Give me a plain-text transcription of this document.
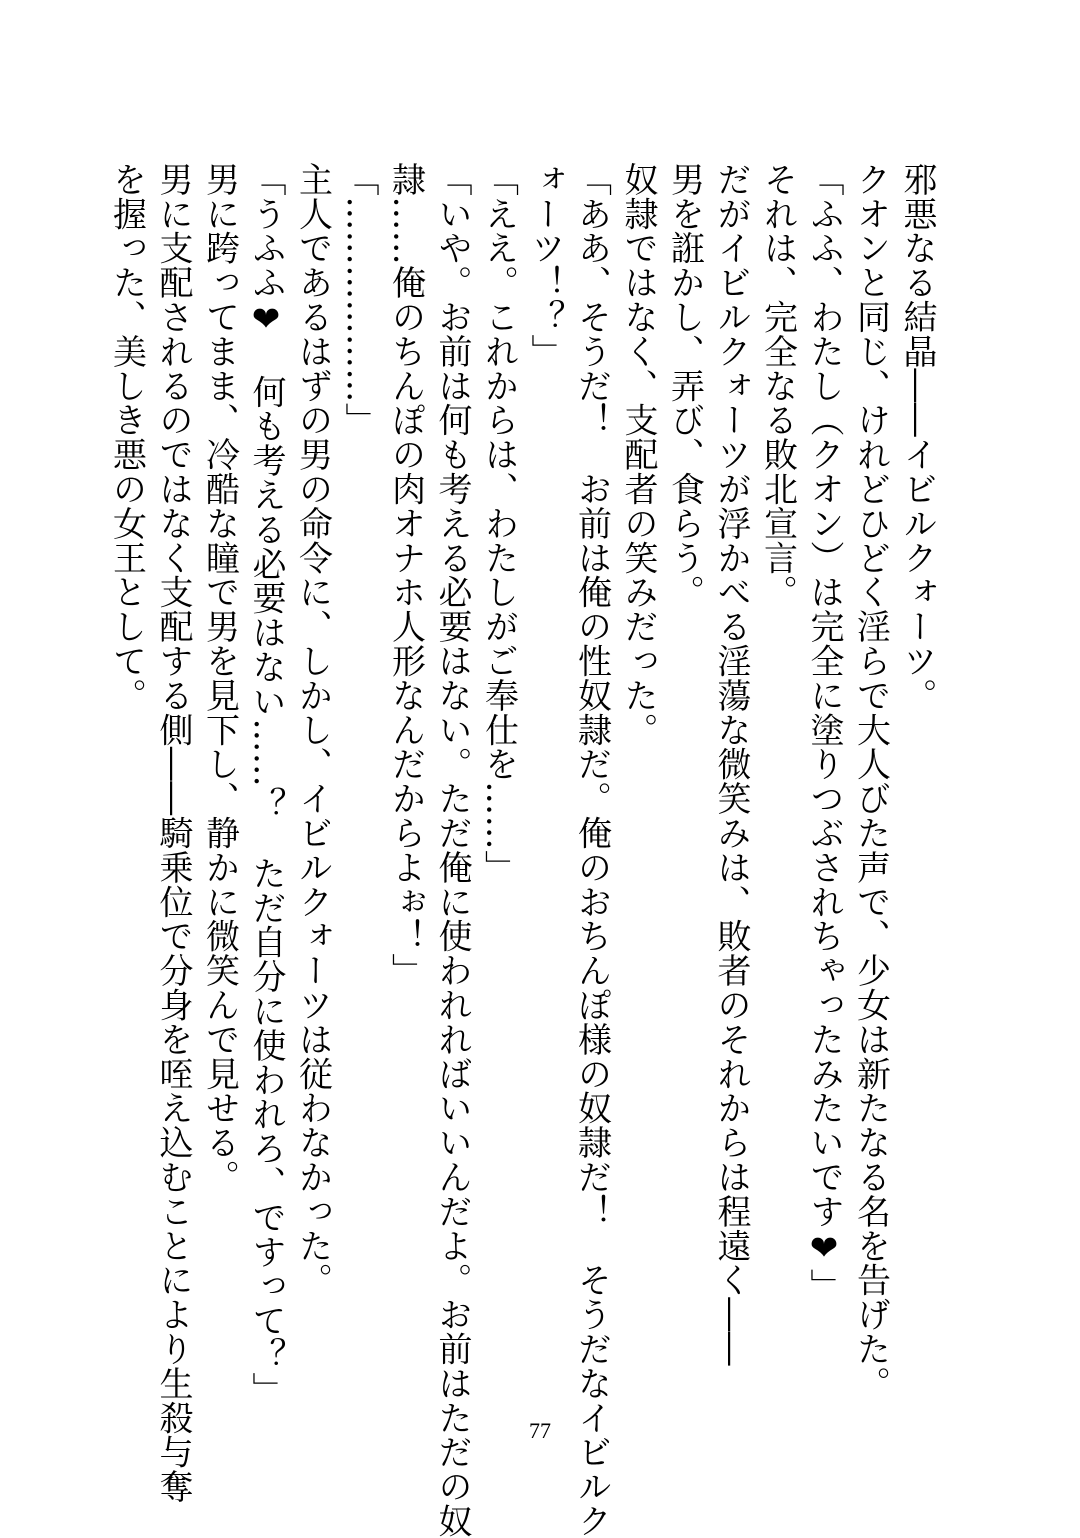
邪悪なる結晶――イビルクォーツ。
クオンと同じ、けれどひどく淫らで大人びた声で、少女は新たなる名を告げた。
「ふふ、わたし（クオン）は完全に塗りつぶされちゃったみたいです❤」
それは、完全なる敗北宣言。
だがイビルクォーツが浮かべる淫蕩な微笑みは、敗者のそれからは程遠く――
男を誑かし、弄び、食らう。
奴隷ではなく、支配者の笑みだった。
「ああ、そうだ！　お前は俺の性奴隷だ。俺のおちんぽ様の奴隷だ！　そうだなイビルク
ォーツ！？」
「ええ。これからは、わたしがご奉仕を……」
「いや。お前は何も考える必要はない。ただ俺に使われればいいんだよ。お前はただの奴
隷……俺のちんぽの肉オナホ人形なんだからよぉ！」
「………………」
主人であるはずの男の命令に、しかし、イビルクォーツは従わなかった。
「うふふ❤　何も考える必要はない……？　ただ自分に使われろ、ですって？」
男に跨ってまま、冷酷な瞳で男を見下し、静かに微笑んで見せる。
男に支配されるのではなく支配する側――騎乗位で分身を咥え込むことにより生殺与奪
を握った、美しき悪の女王として。
77
